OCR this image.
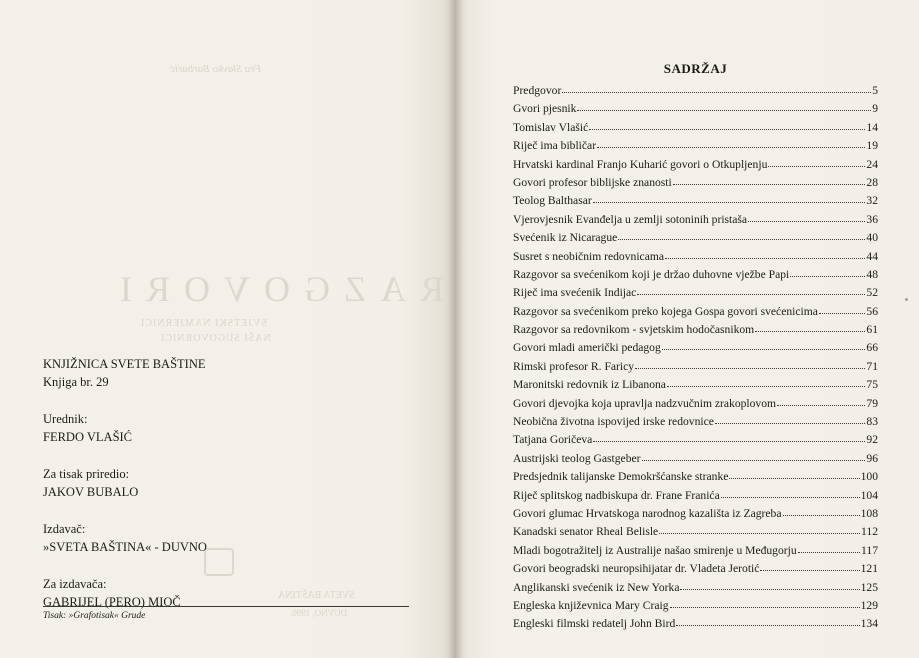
Fra Slavko Barbarić
RAZGOVORI
SVJETSKI NAMJERNICI
NAŠI SUGOVORNICI
SVETA BAŠTINA
DUVNO, 1990.

KNJIŽNICA SVETE BAŠTINE

Knjiga br. 29

Urednik:

FERDO VLAŠIĆ

Za tisak priredio:

JAKOV BUBALO

Izdavač:

»SVETA BAŠTINA« - DUVNO

Za izdavača:

GABRIJEL (PERO) MIOČ

Tisak: »Grafotisak« Grude
SADRŽAJ
Predgovor	5
Gvori pjesnik	9
Tomislav Vlašić	14
Riječ ima bibličar	19
Hrvatski kardinal Franjo Kuharić govori o Otkupljenju	24
Govori profesor biblijske znanosti	28
Teolog Balthasar	32
Vjerovjesnik Evanđelja u zemlji sotoninih pristaša	36
Svećenik iz Nicarague	40
Susret s neobičnim redovnicama	44
Razgovor sa svećenikom koji je držao duhovne vježbe Papi	48
Riječ ima svećenik Indijac	52
Razgovor sa svećenikom preko kojega Gospa govori svećenicima	56
Razgovor sa redovnikom - svjetskim hodočasnikom	61
Govori mladi američki pedagog	66
Rimski profesor R. Faricy	71
Maronitski redovnik iz Libanona	75
Govori djevojka koja upravlja nadzvučnim zrakoplovom	79
Neobična životna ispovijed irske redovnice	83
Tatjana Goričeva	92
Austrijski teolog Gastgeber	96
Predsjednik talijanske Demokršćanske stranke	100
Riječ splitskog nadbiskupa dr. Frane Franića	104
Govori glumac Hrvatskoga narodnog kazališta iz Zagreba	108
Kanadski senator Rheal Belisle	112
Mladi bogotražitelj iz Australije našao smirenje u Međugorju	117
Govori beogradski neuropsihijatar dr. Vladeta Jerotić	121
Anglikanski svećenik iz New Yorka	125
Engleska književnica Mary Craig	129
Engleski filmski redatelj John Bird	134
